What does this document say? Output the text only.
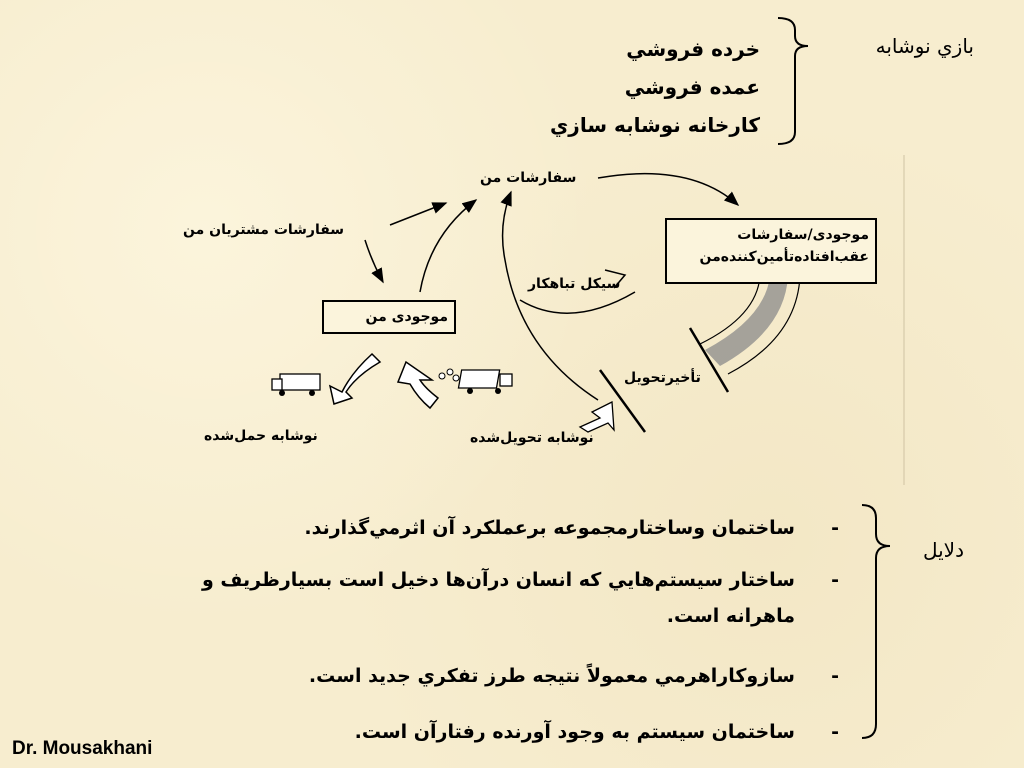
بازي نوشابه
خرده فروشي
عمده فروشي
كارخانه نوشابه سازي
سفارشات من
سفارشات مشتريان من
موجودى من
موجودى/سفارشات
عقب‌افتاده‌تأمين‌كننده‌من
سيكل تباهكار
تأخيرتحويل
نوشابه حمل‌شده	نوشابه تحويل‌شده
دلايل
-
ساختمان وساختارمجموعه برعملكرد آن اثرمي‌گذارند.
-
ساختار سيستم‌هايي كه انسان درآن‌ها دخيل است بسيارظريف و ماهرانه است.
-
سازوكاراهرمي معمولاً نتيجه طرز تفكري جديد است.
-
ساختمان سيستم به وجود آورنده رفتارآن است.
Dr. Mousakhani
